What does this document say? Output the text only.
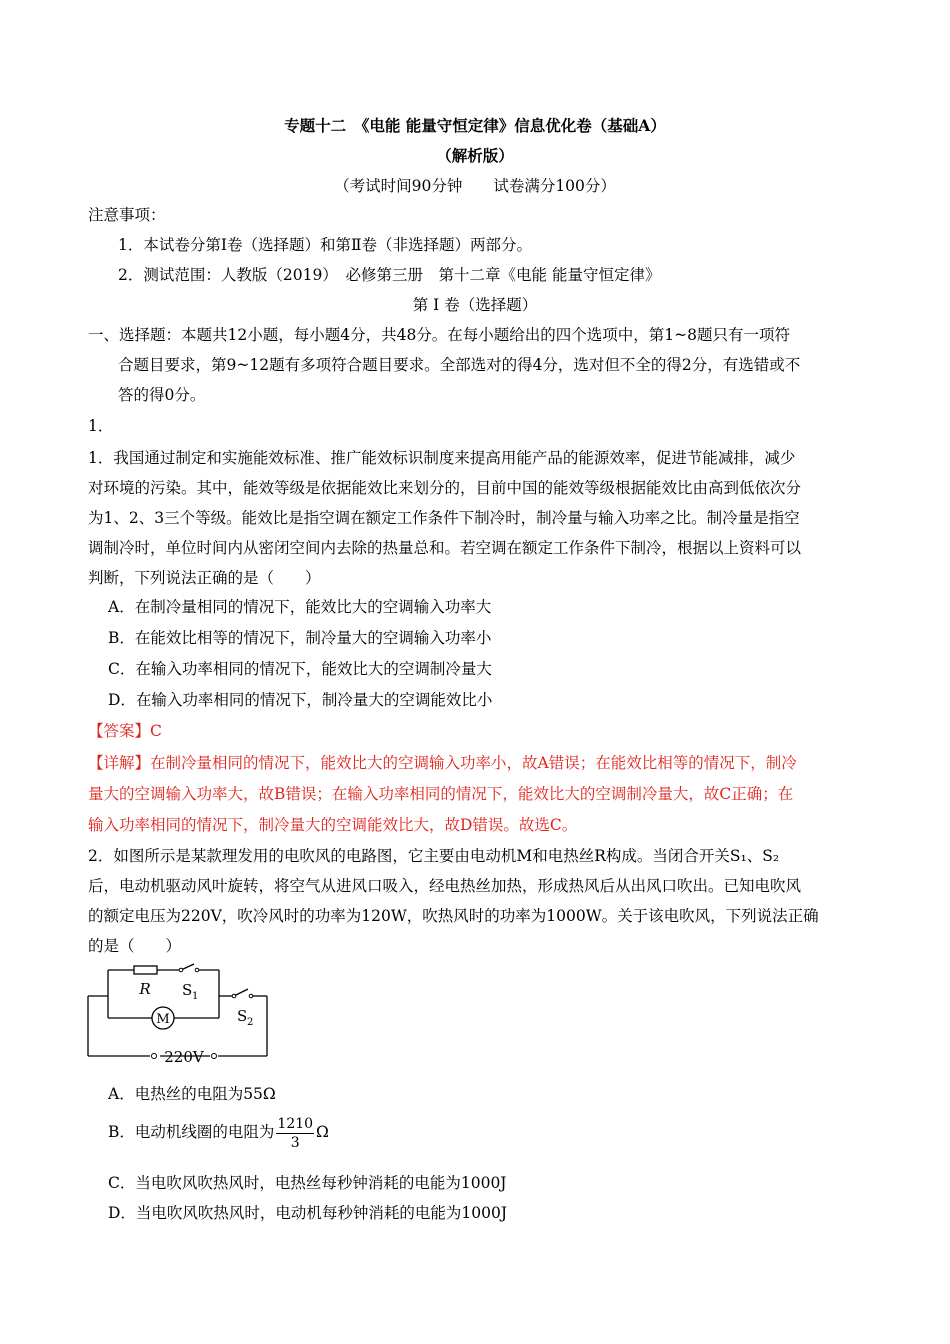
专题十二　《电能 能量守恒定律》信息优化卷（基础A）
（解析版）
（考试时间90分钟　　试卷满分100分）
注意事项：
1．本试卷分第Ⅰ卷（选择题）和第Ⅱ卷（非选择题）两部分。
2．测试范围：人教版（2019）　必修第三册　第十二章《电能 能量守恒定律》
第 Ⅰ 卷（选择题）
一、选择题：本题共12小题，每小题4分，共48分。在每小题给出的四个选项中，第1~8题只有一项符
合题目要求，第9~12题有多项符合题目要求。全部选对的得4分，选对但不全的得2分，有选错或不
答的得0分。
1．
1．我国通过制定和实施能效标准、推广能效标识制度来提高用能产品的能源效率，促进节能减排，减少
对环境的污染。其中，能效等级是依据能效比来划分的，目前中国的能效等级根据能效比由高到低依次分
为1、2、3三个等级。能效比是指空调在额定工作条件下制冷时，制冷量与输入功率之比。制冷量是指空
调制冷时，单位时间内从密闭空间内去除的热量总和。若空调在额定工作条件下制冷，根据以上资料可以
判断，下列说法正确的是（　　）
A．在制冷量相同的情况下，能效比大的空调输入功率大
B．在能效比相等的情况下，制冷量大的空调输入功率小
C．在输入功率相同的情况下，能效比大的空调制冷量大
D．在输入功率相同的情况下，制冷量大的空调能效比小
【答案】C
【详解】在制冷量相同的情况下，能效比大的空调输入功率小，故A错误；在能效比相等的情况下，制冷
量大的空调输入功率大，故B错误；在输入功率相同的情况下，能效比大的空调制冷量大，故C正确；在
输入功率相同的情况下，制冷量大的空调能效比大，故D错误。故选C。
2．如图所示是某款理发用的电吹风的电路图，它主要由电动机M和电热丝R构成。当闭合开关S₁、S₂
后，电动机驱动风叶旋转，将空气从进风口吸入，经电热丝加热，形成热风后从出风口吹出。已知电吹风
的额定电压为220V，吹冷风时的功率为120W，吹热风时的功率为1000W。关于该电吹风，下列说法正确
的是（　　）
M
R S 1
S 2
220V
A．电热丝的电阻为55Ω
B．电动机线圈的电阻为 $\frac{1210}{3}$ Ω
C．当电吹风吹热风时，电热丝每秒钟消耗的电能为1000J
D．当电吹风吹热风时，电动机每秒钟消耗的电能为1000J
